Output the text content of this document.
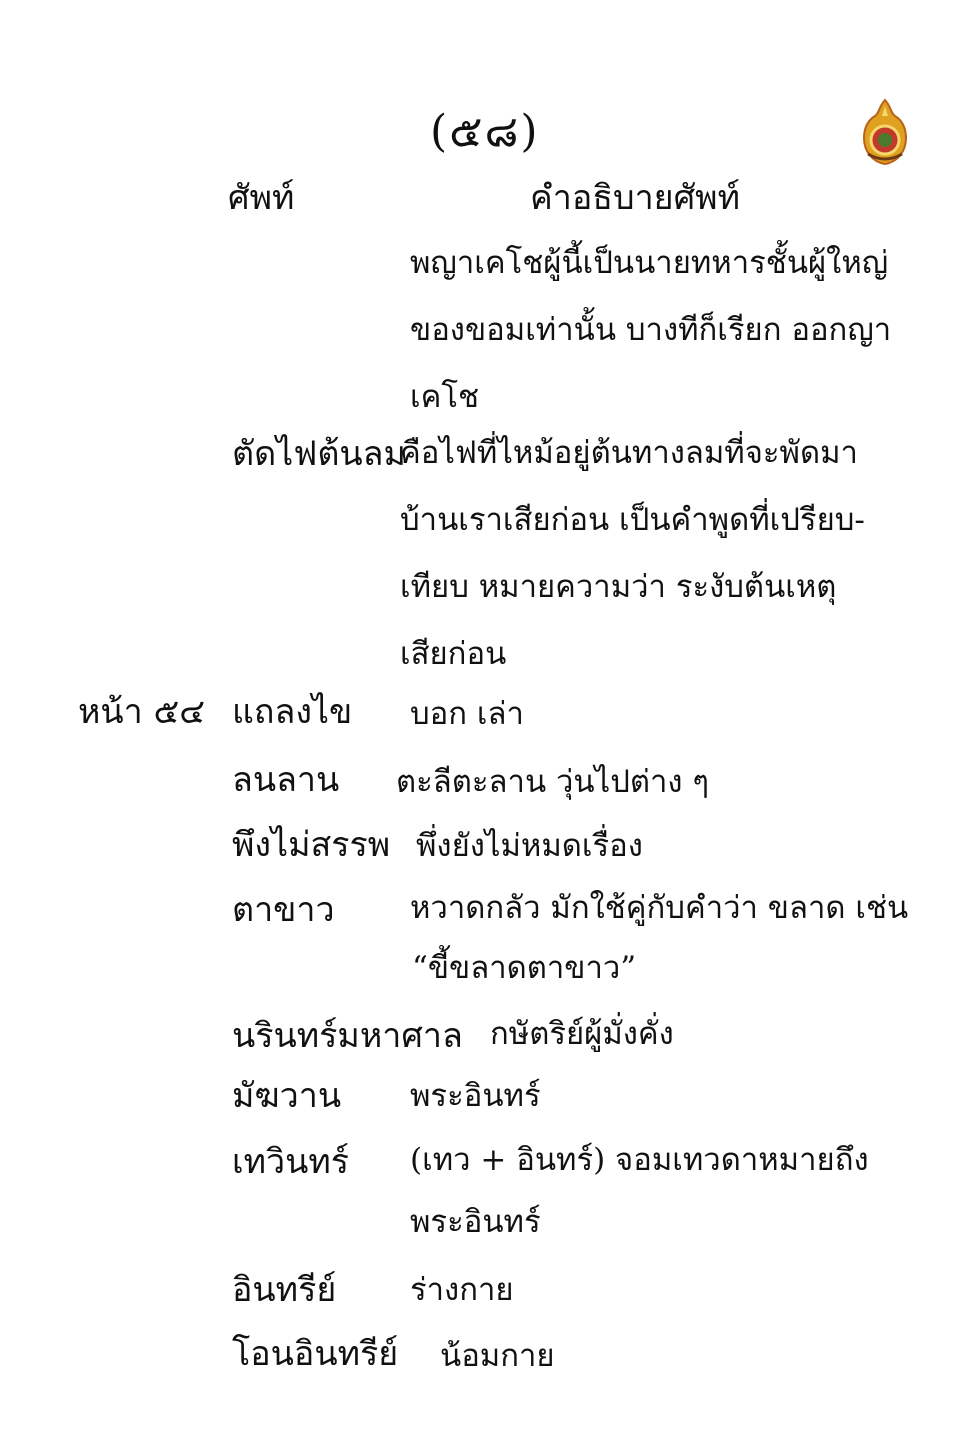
(๕๘)
ศัพท์	คำอธิบายศัพท์
พญาเคโชผู้นี้เป็นนายทหารชั้นผู้ใหญ่
ของขอมเท่านั้น บางทีก็เรียก ออกญา
เคโช
ตัดไฟต้นลม
คือไฟที่ไหม้อยู่ต้นทางลมที่จะพัดมา
บ้านเราเสียก่อน เป็นคำพูดที่เปรียบ-
เทียบ หมายความว่า ระงับต้นเหตุ
เสียก่อน
หน้า ๕๔ แถลงไข บอก เล่า
ลนลาน ตะลีตะลาน วุ่นไปต่าง ๆ
พึงไม่สรรพ พึ่งยังไม่หมดเรื่อง
ตาขาว หวาดกลัว มักใช้คู่กับคำว่า ขลาด เช่น
“ขี้ขลาดตาขาว”
นรินทร์มหาศาล กษัตริย์ผู้มั่งคั่ง
มัฆวาน พระอินทร์
เทวินทร์ (เทว + อินทร์) จอมเทวดาหมายถึง
พระอินทร์
อินทรีย์ ร่างกาย
โอนอินทรีย์ น้อมกาย
